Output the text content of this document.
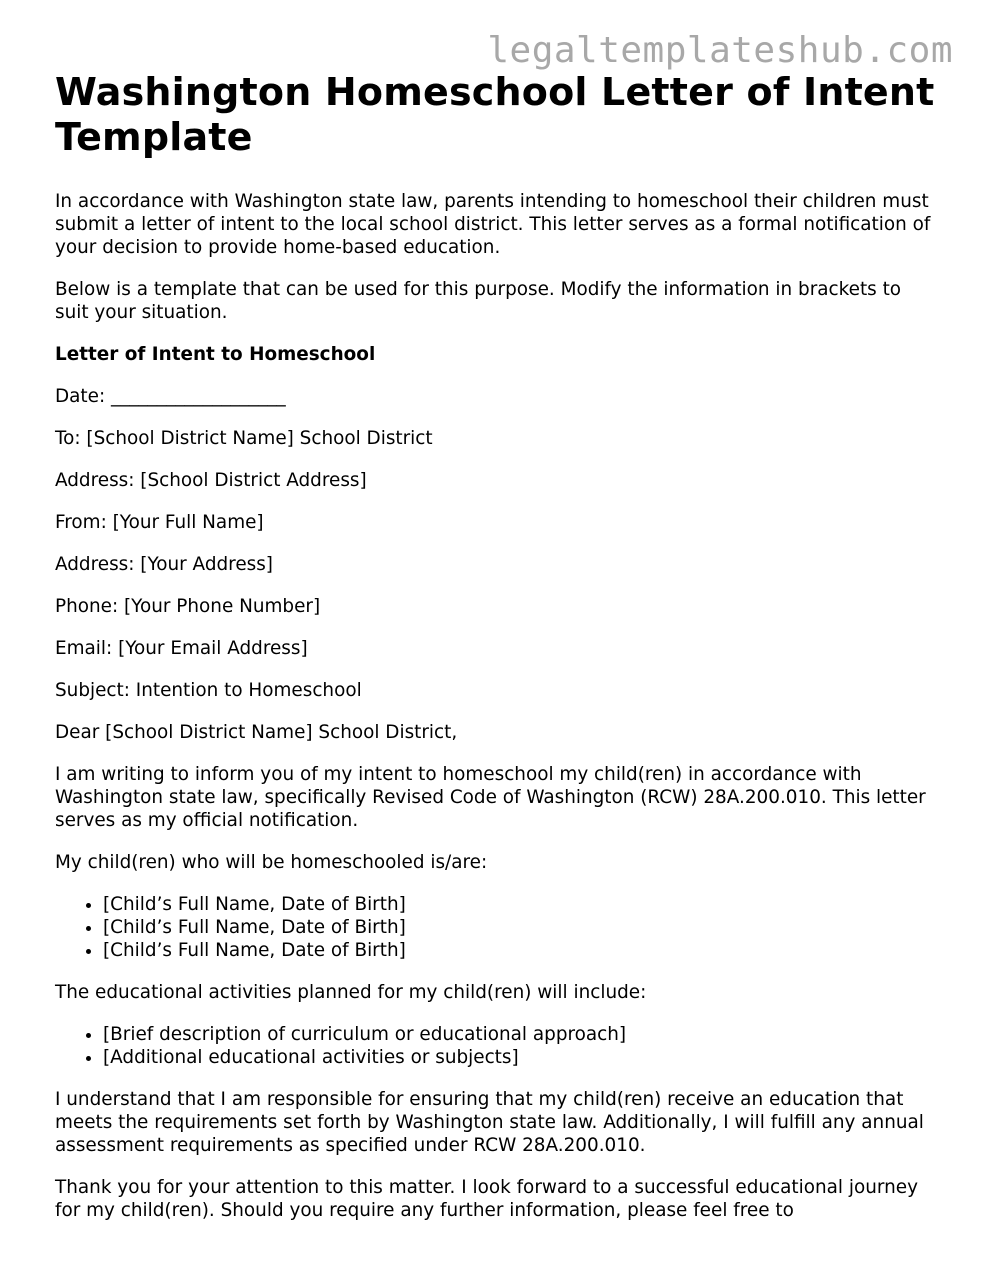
legaltemplateshub.com
Washington Homeschool Letter of Intent Template

In accordance with Washington state law, parents intending to homeschool their children must submit a letter of intent to the local school district. This letter serves as a formal notification of your decision to provide home-based education.

Below is a template that can be used for this purpose. Modify the information in brackets to suit your situation.

Letter of Intent to Homeschool

Date: ___________________

To: [School District Name] School District

Address: [School District Address]

From: [Your Full Name]

Address: [Your Address]

Phone: [Your Phone Number]

Email: [Your Email Address]

Subject: Intention to Homeschool

Dear [School District Name] School District,

I am writing to inform you of my intent to homeschool my child(ren) in accordance with Washington state law, specifically Revised Code of Washington (RCW) 28A.200.010. This letter serves as my official notification.

My child(ren) who will be homeschooled is/are:

• [Child’s Full Name, Date of Birth]
• [Child’s Full Name, Date of Birth]
• [Child’s Full Name, Date of Birth]

The educational activities planned for my child(ren) will include:

• [Brief description of curriculum or educational approach]
• [Additional educational activities or subjects]

I understand that I am responsible for ensuring that my child(ren) receive an education that meets the requirements set forth by Washington state law. Additionally, I will fulfill any annual assessment requirements as specified under RCW 28A.200.010.

Thank you for your attention to this matter. I look forward to a successful educational journey for my child(ren). Should you require any further information, please feel free to
